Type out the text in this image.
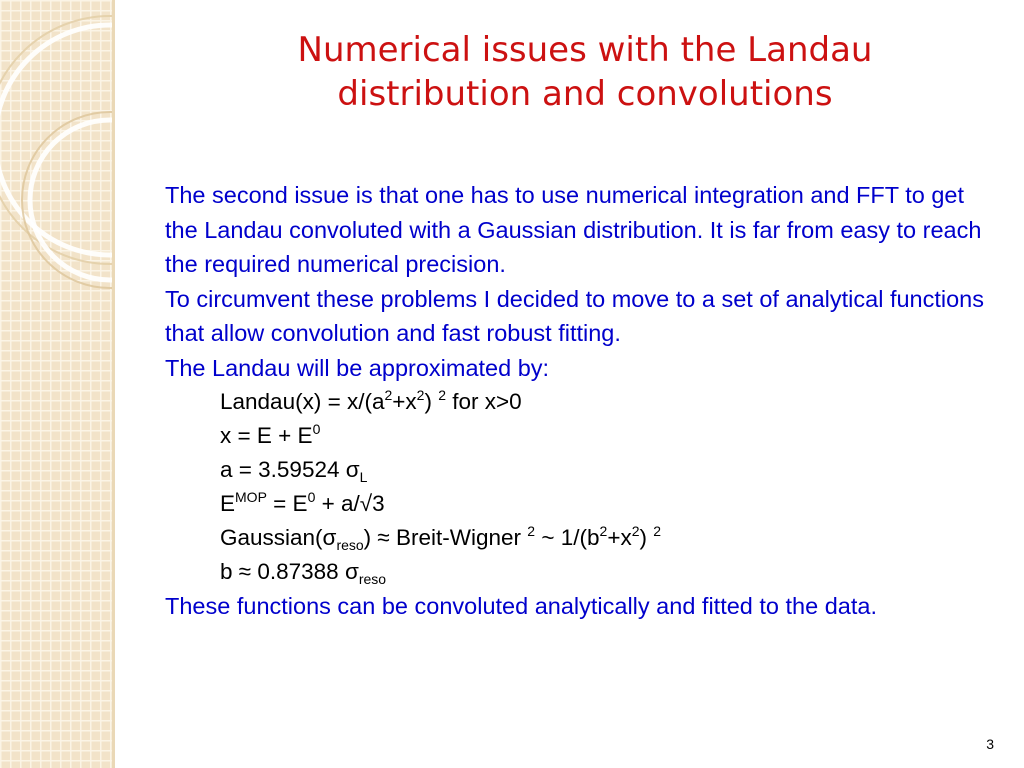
Numerical issues with the Landau
distribution and convolutions

The second issue is that one has to use numerical integration and FFT to get the Landau convoluted with a Gaussian distribution. It is far from easy to reach the required numerical precision.

To circumvent these problems I decided to move to a set of analytical functions that allow convolution and fast robust fitting.

The Landau will be approximated by:

Landau(x) = $x/(a^2+x^2)$ $^2$ for x>0
$x = E + E^0$
a = 3.59524 $\sigma_L$
$E^{MOP} = E^0 + a/√3$
$Gaussian(\sigma_{reso})$ ≈ Breit-Wigner $^2$ ~ $1/(b^2+x^2)$ $^2$
b ≈ 0.87388 $\sigma_{reso}$

These functions can be convoluted analytically and fitted to the data.

3
